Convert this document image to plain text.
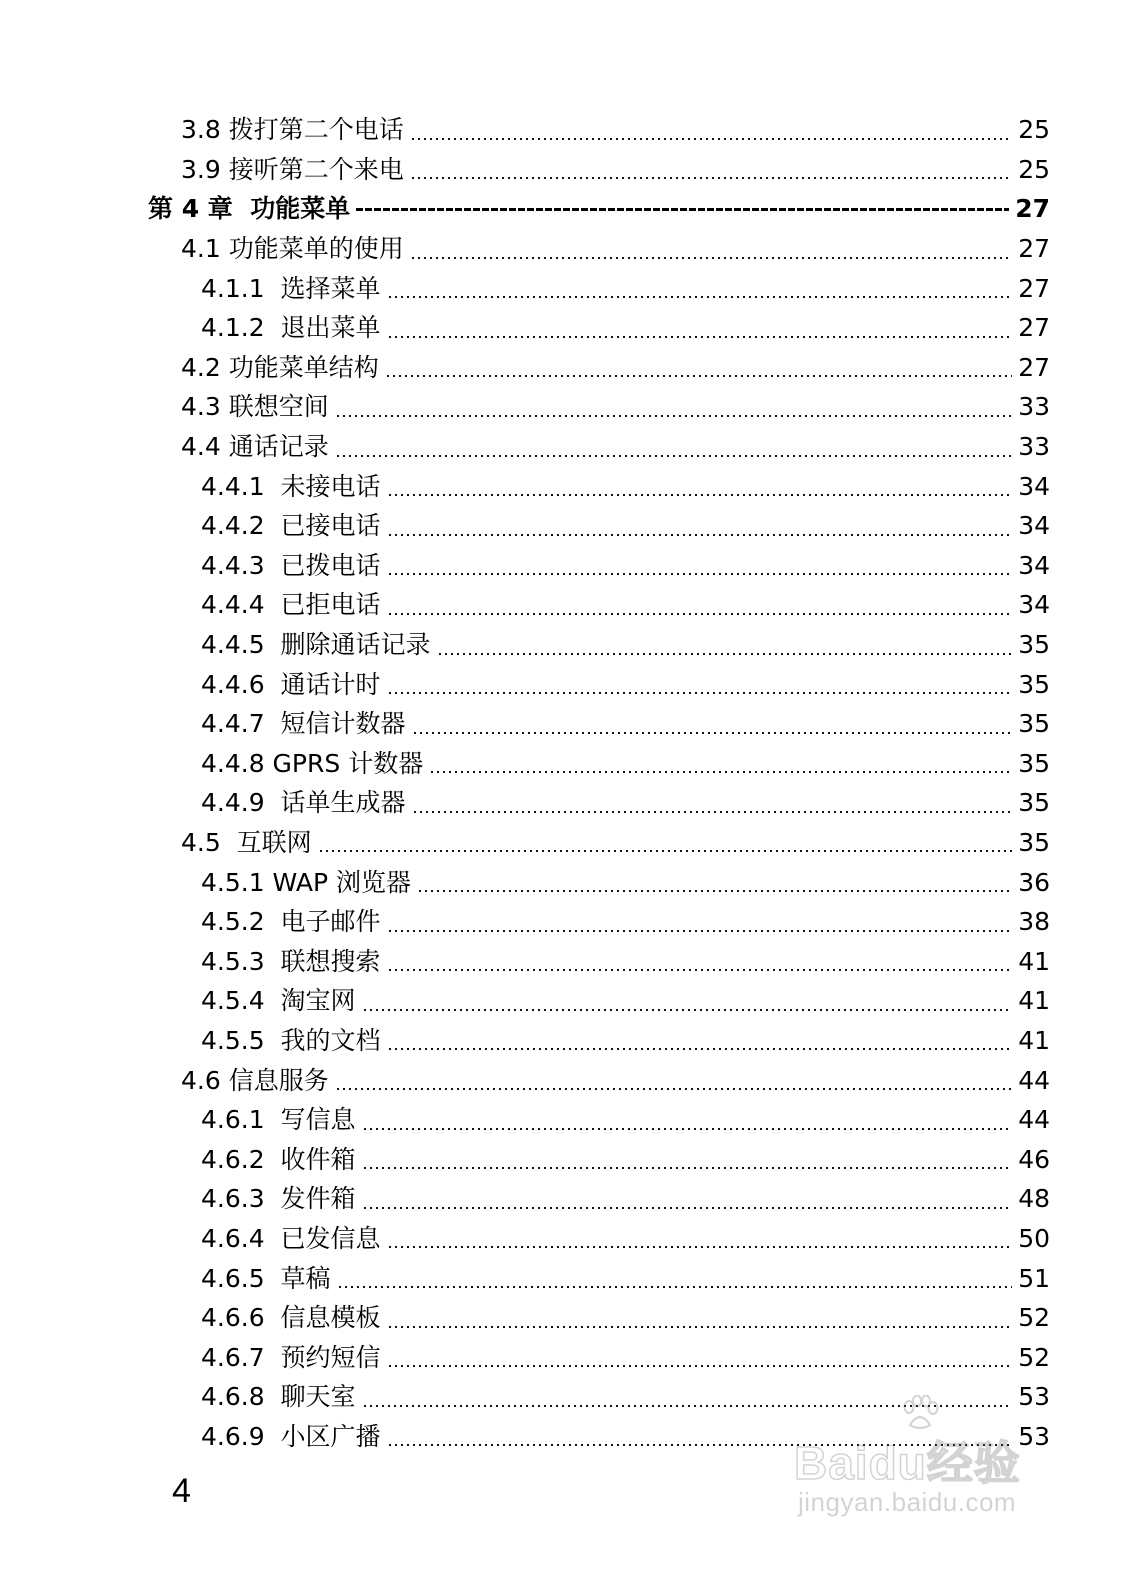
3.8 拨打第二个电话	25
3.9 接听第二个来电	25
第 4 章  功能菜单	27
4.1 功能菜单的使用	27
4.1.1  选择菜单	27
4.1.2  退出菜单	27
4.2 功能菜单结构	27
4.3 联想空间	33
4.4 通话记录	33
4.4.1  未接电话	34
4.4.2  已接电话	34
4.4.3  已拨电话	34
4.4.4  已拒电话	34
4.4.5  删除通话记录	35
4.4.6  通话计时	35
4.4.7  短信计数器	35
4.4.8 GPRS 计数器	35
4.4.9  话单生成器	35
4.5  互联网	35
4.5.1 WAP 浏览器	36
4.5.2  电子邮件	38
4.5.3  联想搜索	41
4.5.4  淘宝网	41
4.5.5  我的文档	41
4.6 信息服务	44
4.6.1  写信息	44
4.6.2  收件箱	46
4.6.3  发件箱	48
4.6.4  已发信息	50
4.6.5  草稿	51
4.6.6  信息模板	52
4.6.7  预约短信	52
4.6.8  聊天室	53
4.6.9  小区广播	53
4
Baidu经验
jingyan.baidu.com
